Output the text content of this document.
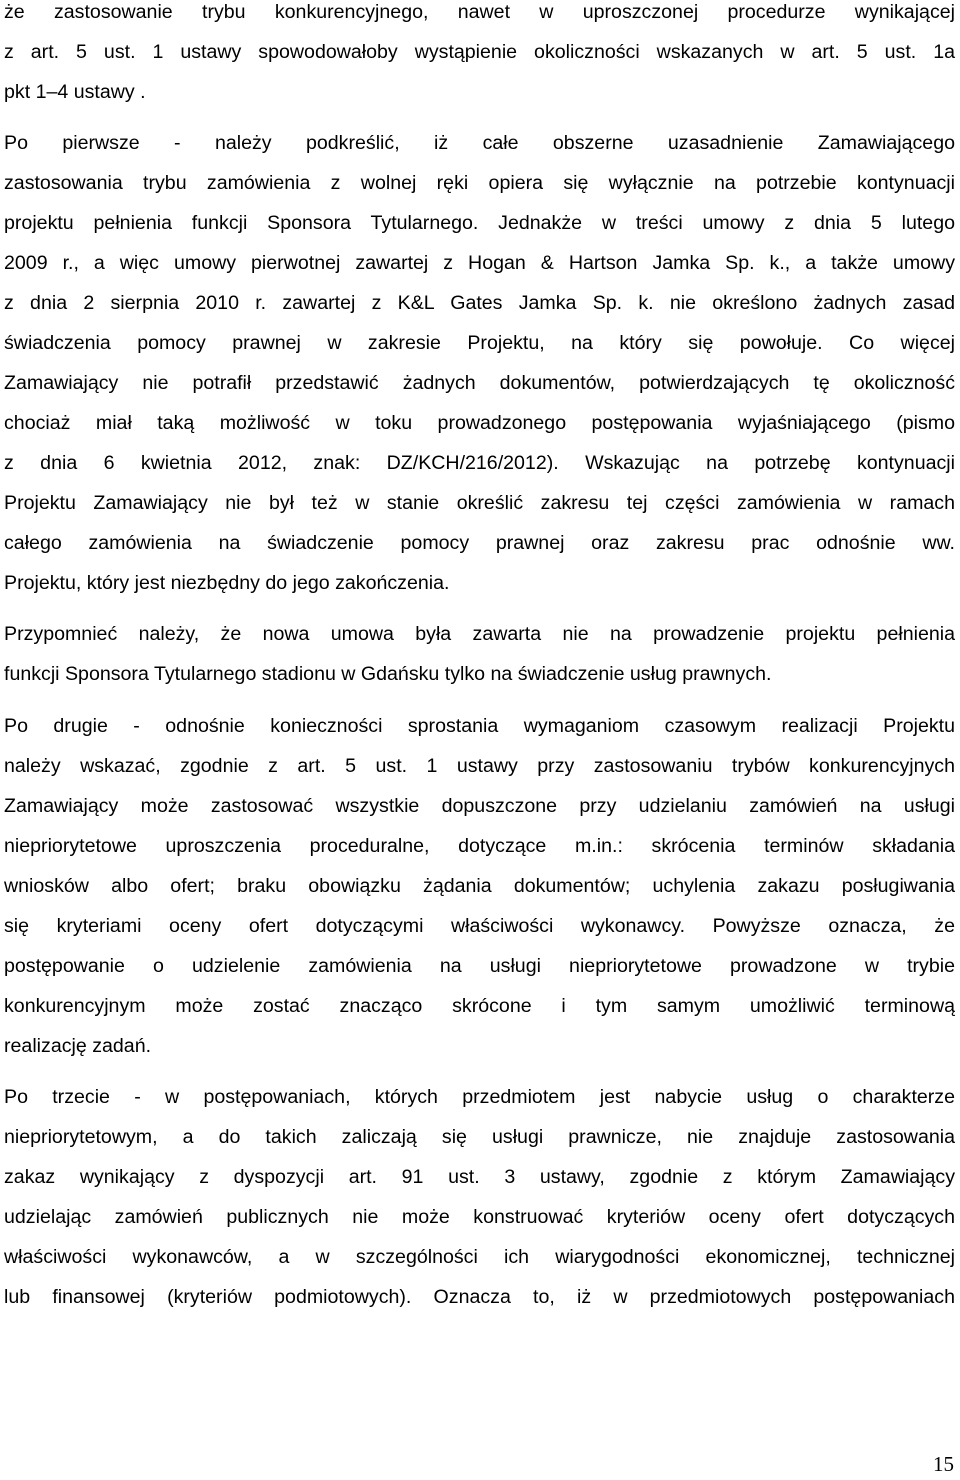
że zastosowanie trybu konkurencyjnego, nawet w uproszczonej procedurze wynikającej
z art. 5 ust. 1 ustawy spowodowałoby wystąpienie okoliczności wskazanych w art. 5 ust. 1a
pkt 1–4 ustawy .
Po pierwsze - należy podkreślić, iż całe obszerne uzasadnienie Zamawiającego
zastosowania trybu zamówienia z wolnej ręki opiera się wyłącznie na potrzebie kontynuacji
projektu pełnienia funkcji Sponsora Tytularnego. Jednakże w treści umowy z dnia 5 lutego
2009 r., a więc umowy pierwotnej zawartej z Hogan & Hartson Jamka Sp. k., a także umowy
z dnia 2 sierpnia 2010 r. zawartej z K&L Gates Jamka Sp. k. nie określono żadnych zasad
świadczenia pomocy prawnej w zakresie Projektu, na który się powołuje. Co więcej
Zamawiający nie potrafił przedstawić żadnych dokumentów, potwierdzających tę okoliczność
chociaż miał taką możliwość w toku prowadzonego postępowania wyjaśniającego (pismo
z dnia 6 kwietnia 2012, znak: DZ/KCH/216/2012). Wskazując na potrzebę kontynuacji
Projektu Zamawiający nie był też w stanie określić zakresu tej części zamówienia w ramach
całego zamówienia na świadczenie pomocy prawnej oraz zakresu prac odnośnie ww.
Projektu, który jest niezbędny do jego zakończenia.
Przypomnieć należy, że nowa umowa była zawarta nie na prowadzenie projektu pełnienia
funkcji Sponsora Tytularnego stadionu w Gdańsku tylko na świadczenie usług prawnych.
Po drugie - odnośnie konieczności sprostania wymaganiom czasowym realizacji Projektu
należy wskazać, zgodnie z art. 5 ust. 1 ustawy przy zastosowaniu trybów konkurencyjnych
Zamawiający może zastosować wszystkie dopuszczone przy udzielaniu zamówień na usługi
niepriorytetowe uproszczenia proceduralne, dotyczące m.in.: skrócenia terminów składania
wniosków albo ofert; braku obowiązku żądania dokumentów; uchylenia zakazu posługiwania
się kryteriami oceny ofert dotyczącymi właściwości wykonawcy. Powyższe oznacza, że
postępowanie o udzielenie zamówienia na usługi niepriorytetowe prowadzone w trybie
konkurencyjnym może zostać znacząco skrócone i tym samym umożliwić terminową
realizację zadań.
Po trzecie - w postępowaniach, których przedmiotem jest nabycie usług o charakterze
niepriorytetowym, a do takich zaliczają się usługi prawnicze, nie znajduje zastosowania
zakaz wynikający z dyspozycji art. 91 ust. 3 ustawy, zgodnie z którym Zamawiający
udzielając zamówień publicznych nie może konstruować kryteriów oceny ofert dotyczących
właściwości wykonawców, a w szczególności ich wiarygodności ekonomicznej, technicznej
lub finansowej (kryteriów podmiotowych). Oznacza to, iż w przedmiotowych postępowaniach
15
